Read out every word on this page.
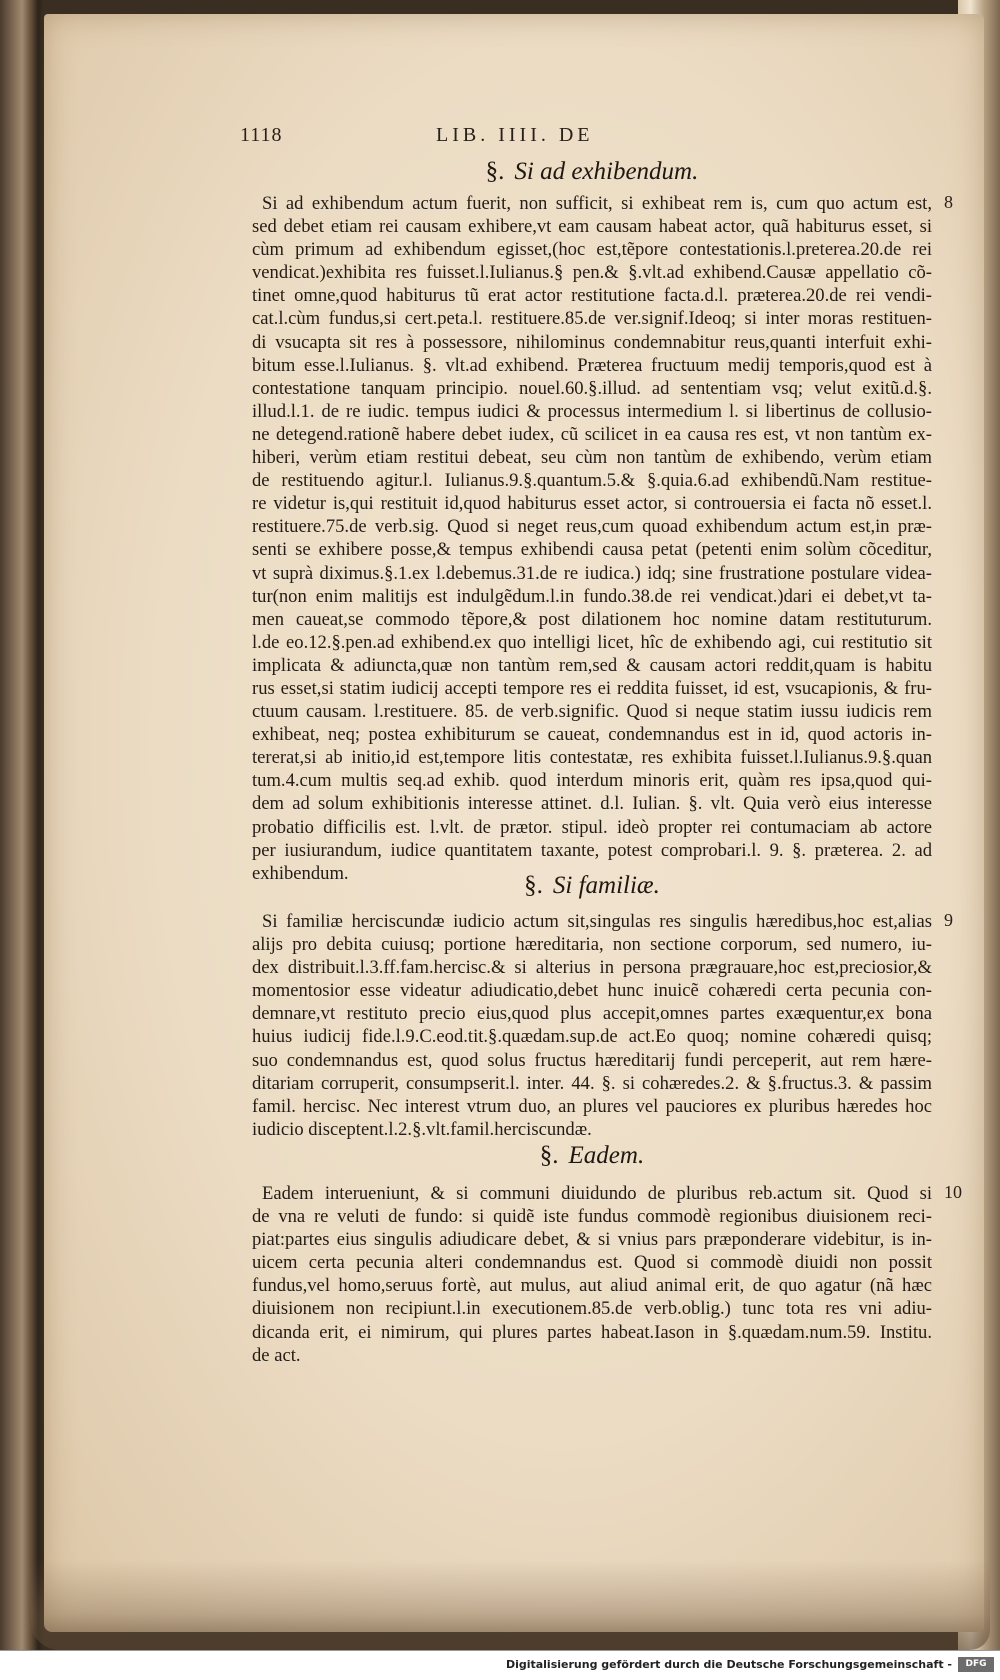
1118	LIB. IIII. DE
§. Si ad exhibendum.
8
Si ad exhibendum actum fuerit, non sufficit, si exhibeat rem is, cum quo actum est,
sed debet etiam rei causam exhibere,vt eam causam habeat actor, quã habiturus esset, si
cùm primum ad exhibendum egisset,(hoc est,tẽpore contestationis.l.preterea.20.de rei
vendicat.)exhibita res fuisset.l.Iulianus.§ pen.& §.vlt.ad exhibend.Causæ appellatio cõ-
tinet omne,quod habiturus tũ erat actor restitutione facta.d.l. præterea.20.de rei vendi-
cat.l.cùm fundus,si cert.peta.l. restituere.85.de ver.signif.Ideoq; si inter moras restituen-
di vsucapta sit res à possessore, nihilominus condemnabitur reus,quanti interfuit exhi-
bitum esse.l.Iulianus. §. vlt.ad exhibend. Præterea fructuum medij temporis,quod est à
contestatione tanquam principio. nouel.60.§.illud. ad sententiam vsq; velut exitũ.d.§.
illud.l.1. de re iudic. tempus iudici & processus intermedium l. si libertinus de collusio-
ne detegend.rationẽ habere debet iudex, cũ scilicet in ea causa res est, vt non tantùm ex-
hiberi, verùm etiam restitui debeat, seu cùm non tantùm de exhibendo, verùm etiam
de restituendo agitur.l. Iulianus.9.§.quantum.5.& §.quia.6.ad exhibendũ.Nam restitue-
re videtur is,qui restituit id,quod habiturus esset actor, si controuersia ei facta nõ esset.l.
restituere.75.de verb.sig. Quod si neget reus,cum quoad exhibendum actum est,in præ-
senti se exhibere posse,& tempus exhibendi causa petat (petenti enim solùm cõceditur,
vt suprà diximus.§.1.ex l.debemus.31.de re iudica.) idq; sine frustratione postulare videa-
tur(non enim malitijs est indulgẽdum.l.in fundo.38.de rei vendicat.)dari ei debet,vt ta-
men caueat,se commodo tẽpore,& post dilationem hoc nomine datam restituturum.
l.de eo.12.§.pen.ad exhibend.ex quo intelligi licet, hîc de exhibendo agi, cui restitutio sit
implicata & adiuncta,quæ non tantùm rem,sed & causam actori reddit,quam is habitu
rus esset,si statim iudicij accepti tempore res ei reddita fuisset, id est, vsucapionis, & fru-
ctuum causam. l.restituere. 85. de verb.signific. Quod si neque statim iussu iudicis rem
exhibeat, neq; postea exhibiturum se caueat, condemnandus est in id, quod actoris in-
tererat,si ab initio,id est,tempore litis contestatæ, res exhibita fuisset.l.Iulianus.9.§.quan
tum.4.cum multis seq.ad exhib. quod interdum minoris erit, quàm res ipsa,quod qui-
dem ad solum exhibitionis interesse attinet. d.l. Iulian. §. vlt. Quia verò eius interesse
probatio difficilis est. l.vlt. de prætor. stipul. ideò propter rei contumaciam ab actore
per iusiurandum, iudice quantitatem taxante, potest comprobari.l. 9. §. præterea. 2. ad
exhibendum.	§. Si familiæ.
9
Si familiæ herciscundæ iudicio actum sit,singulas res singulis hæredibus,hoc est,alias
alijs pro debita cuiusq; portione hæreditaria, non sectione corporum, sed numero, iu-
dex distribuit.l.3.ff.fam.hercisc.& si alterius in persona prægrauare,hoc est,preciosior,&
momentosior esse videatur adiudicatio,debet hunc inuicẽ cohæredi certa pecunia con-
demnare,vt restituto precio eius,quod plus accepit,omnes partes exæquentur,ex bona
huius iudicij fide.l.9.C.eod.tit.§.quædam.sup.de act.Eo quoq; nomine cohæredi quisq;
suo condemnandus est, quod solus fructus hæreditarij fundi perceperit, aut rem hære-
ditariam corruperit, consumpserit.l. inter. 44. §. si cohæredes.2. & §.fructus.3. & passim
famil. hercisc. Nec interest vtrum duo, an plures vel pauciores ex pluribus hæredes hoc
iudicio disceptent.l.2.§.vlt.famil.herciscundæ.
§. Eadem.
10
Eadem interueniunt, & si communi diuidundo de pluribus reb.actum sit. Quod si
de vna re veluti de fundo: si quidẽ iste fundus commodè regionibus diuisionem reci-
piat:partes eius singulis adiudicare debet, & si vnius pars præponderare videbitur, is in-
uicem certa pecunia alteri condemnandus est. Quod si commodè diuidi non possit
fundus,vel homo,seruus fortè, aut mulus, aut aliud animal erit, de quo agatur (nã hæc
diuisionem non recipiunt.l.in executionem.85.de verb.oblig.) tunc tota res vni adiu-
dicanda erit, ei nimirum, qui plures partes habeat.Iason in §.quædam.num.59. Institu.
de act.
Digitalisierung gefördert durch die Deutsche Forschungsgemeinschaft -	DFG
